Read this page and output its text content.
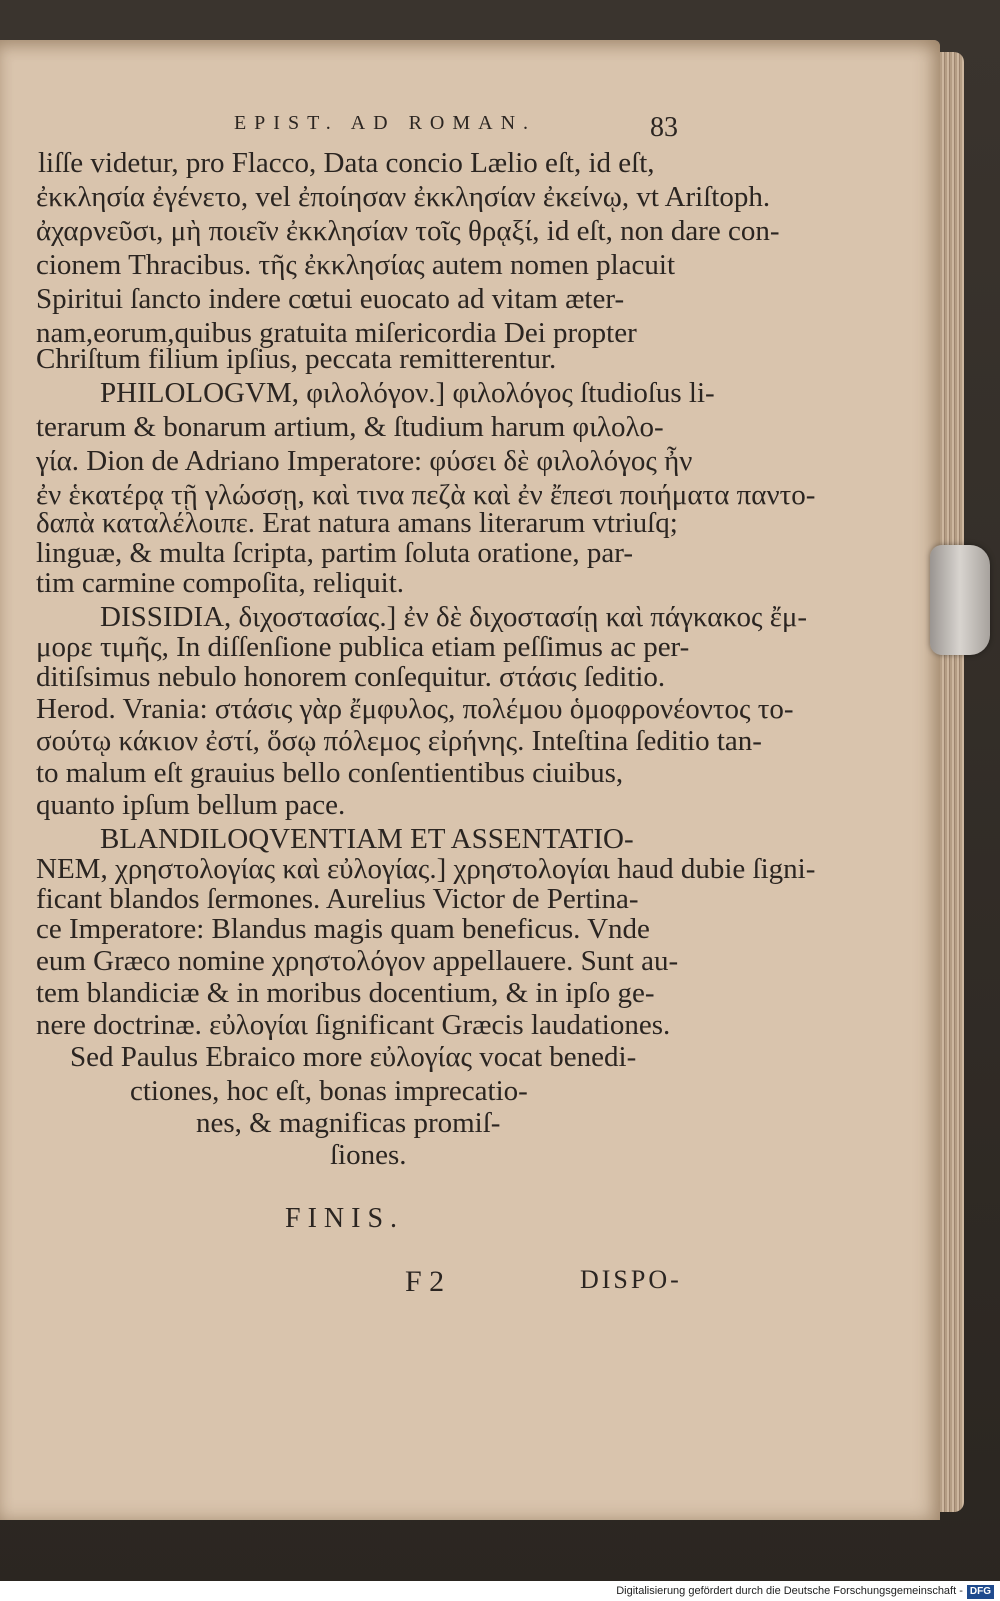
EPIST. AD ROMAN.	83
liſſe videtur, pro Flacco, Data concio Lælio eſt, id eſt,
ἐκκλησία ἐγένετο, vel ἐποίησαν ἐκκλησίαν ἐκείνῳ, vt Ariſtoph.
ἀχαρνεῦσι, μὴ ποιεῖν ἐκκλησίαν τοῖς θρᾳξί, id eſt, non dare con-
cionem Thracibus. τῆς ἐκκλησίας autem nomen placuit
Spiritui ſancto indere cœtui euocato ad vitam æter-
nam,eorum,quibus gratuita miſericordia Dei propter
Chriſtum filium ipſius, peccata remitterentur.
PHILOLOGVM, φιλολόγον.] φιλολόγος ſtudioſus li-
terarum & bonarum artium, & ſtudium harum φιλολο-
γία. Dion de Adriano Imperatore: φύσει δὲ φιλολόγος ἦν
ἐν ἑκατέρᾳ τῇ γλώσσῃ, καὶ τινα πεζὰ καὶ ἐν ἔπεσι ποιήματα παντο-
δαπὰ καταλέλοιπε. Erat natura amans literarum vtriuſq;
linguæ, & multa ſcripta, partim ſoluta oratione, par-
tim carmine compoſita, reliquit.
DISSIDIA, διχοστασίας.] ἐν δὲ διχοστασίῃ καὶ πάγκακος ἔμ-
μορε τιμῆς, In diſſenſione publica etiam peſſimus ac per-
ditiſsimus nebulo honorem conſequitur. στάσις ſeditio.
Herod. Vrania: στάσις γὰρ ἔμφυλος, πολέμου ὁμοφρονέοντος το-
σούτῳ κάκιον ἐστί, ὅσῳ πόλεμος εἰρήνης. Inteſtina ſeditio tan-
to malum eſt grauius bello conſentientibus ciuibus,
quanto ipſum bellum pace.
BLANDILOQVENTIAM ET ASSENTATIO-
NEM, χρηστολογίας καὶ εὐλογίας.] χρηστολογίαι haud dubie ſigni-
ficant blandos ſermones. Aurelius Victor de Pertina-
ce Imperatore: Blandus magis quam beneficus. Vnde
eum Græco nomine χρηστολόγον appellauere. Sunt au-
tem blandiciæ & in moribus docentium, & in ipſo ge-
nere doctrinæ. εὐλογίαι ſignificant Græcis laudationes.
Sed Paulus Ebraico more εὐλογίας vocat benedi-
ctiones, hoc eſt, bonas imprecatio-
nes, & magnificas promiſ-
ſiones.
FINIS.
F 2	DISPO-
Digitalisierung gefördert durch die Deutsche Forschungsgemeinschaft - DFG
